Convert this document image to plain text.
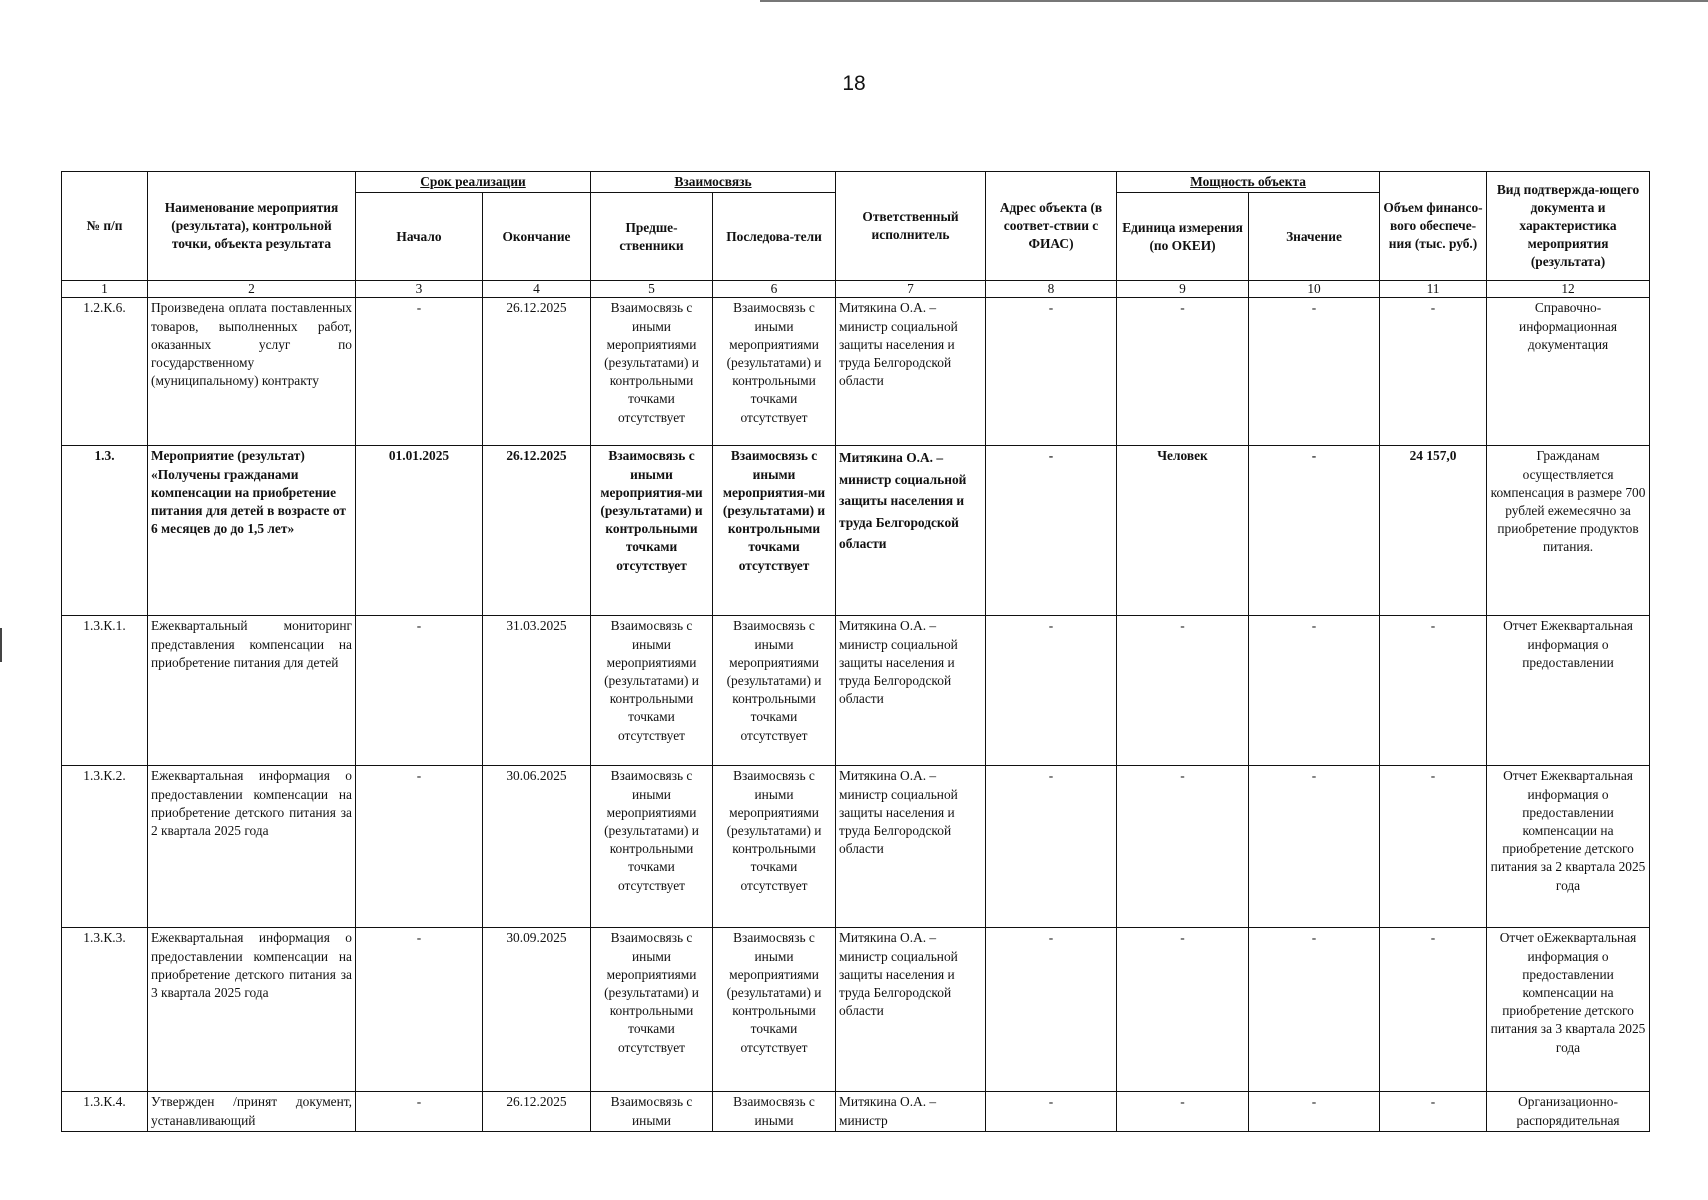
18
№ п/п	Наименование мероприятия (результата), контрольной точки, объекта результата	Срок реализации		Взаимосвязь		Ответственный исполнитель	Адрес объекта (в соответ-ствии с ФИАС)	Мощность объекта		Объем финансо-вого обеспече-ния (тыс. руб.)	Вид подтвержда-ющего документа и характеристика мероприятия (результата)
		Начало	Окончание	Предше-ственники	Последова-тели			Единица измерения (по ОКЕИ)	Значение		
1	2	3	4	5	6	7	8	9	10	11	12
1.2.К.6.	Произведена оплата поставленных товаров, выполненных работ, оказанных услуг по государственному (муниципальному) контракту	-	26.12.2025	Взаимосвязь с иными мероприятиями (результатами) и контрольными точками отсутствует	Взаимосвязь с иными мероприятиями (результатами) и контрольными точками отсутствует	Митякина О.А. – министр социальной защиты населения и труда Белгородской области	-	-	-	-	Справочно-информационная документация
1.3.	Мероприятие (результат) «Получены гражданами компенсации на приобретение питания для детей в возрасте от 6 месяцев до до 1,5 лет»	01.01.2025	26.12.2025	Взаимосвязь с иными мероприятия-ми (результатами) и контрольными точками отсутствует	Взаимосвязь с иными мероприятия-ми (результатами) и контрольными точками отсутствует	Митякина О.А. – министр социальной защиты населения и труда Белгородской области	-	Человек	-	24 157,0	Гражданам осуществляется компенсация в размере 700 рублей ежемесячно за приобретение продуктов питания.
1.3.К.1.	Ежеквартальный мониторинг представления компенсации на приобретение питания для детей	-	31.03.2025	Взаимосвязь с иными мероприятиями (результатами) и контрольными точками отсутствует	Взаимосвязь с иными мероприятиями (результатами) и контрольными точками отсутствует	Митякина О.А. – министр социальной защиты населения и труда Белгородской области	-	-	-	-	Отчет Ежеквартальная информация о предоставлении
1.3.К.2.	Ежеквартальная информация о предоставлении компенсации на приобретение детского питания за 2 квартала 2025 года	-	30.06.2025	Взаимосвязь с иными мероприятиями (результатами) и контрольными точками отсутствует	Взаимосвязь с иными мероприятиями (результатами) и контрольными точками отсутствует	Митякина О.А. – министр социальной защиты населения и труда Белгородской области	-	-	-	-	Отчет Ежеквартальная информация о предоставлении компенсации на приобретение детского питания за 2 квартала 2025 года
1.3.К.3.	Ежеквартальная информация о предоставлении компенсации на приобретение детского питания за 3 квартала 2025 года	-	30.09.2025	Взаимосвязь с иными мероприятиями (результатами) и контрольными точками отсутствует	Взаимосвязь с иными мероприятиями (результатами) и контрольными точками отсутствует	Митякина О.А. – министр социальной защиты населения и труда Белгородской области	-	-	-	-	Отчет оЕжеквартальная информация о предоставлении компенсации на приобретение детского питания за 3 квартала 2025 года
1.3.К.4.	Утвержден /принят документ, устанавливающий	-	26.12.2025	Взаимосвязь с иными	Взаимосвязь с иными	Митякина О.А. – министр	-	-	-	-	Организационно-распорядительная
